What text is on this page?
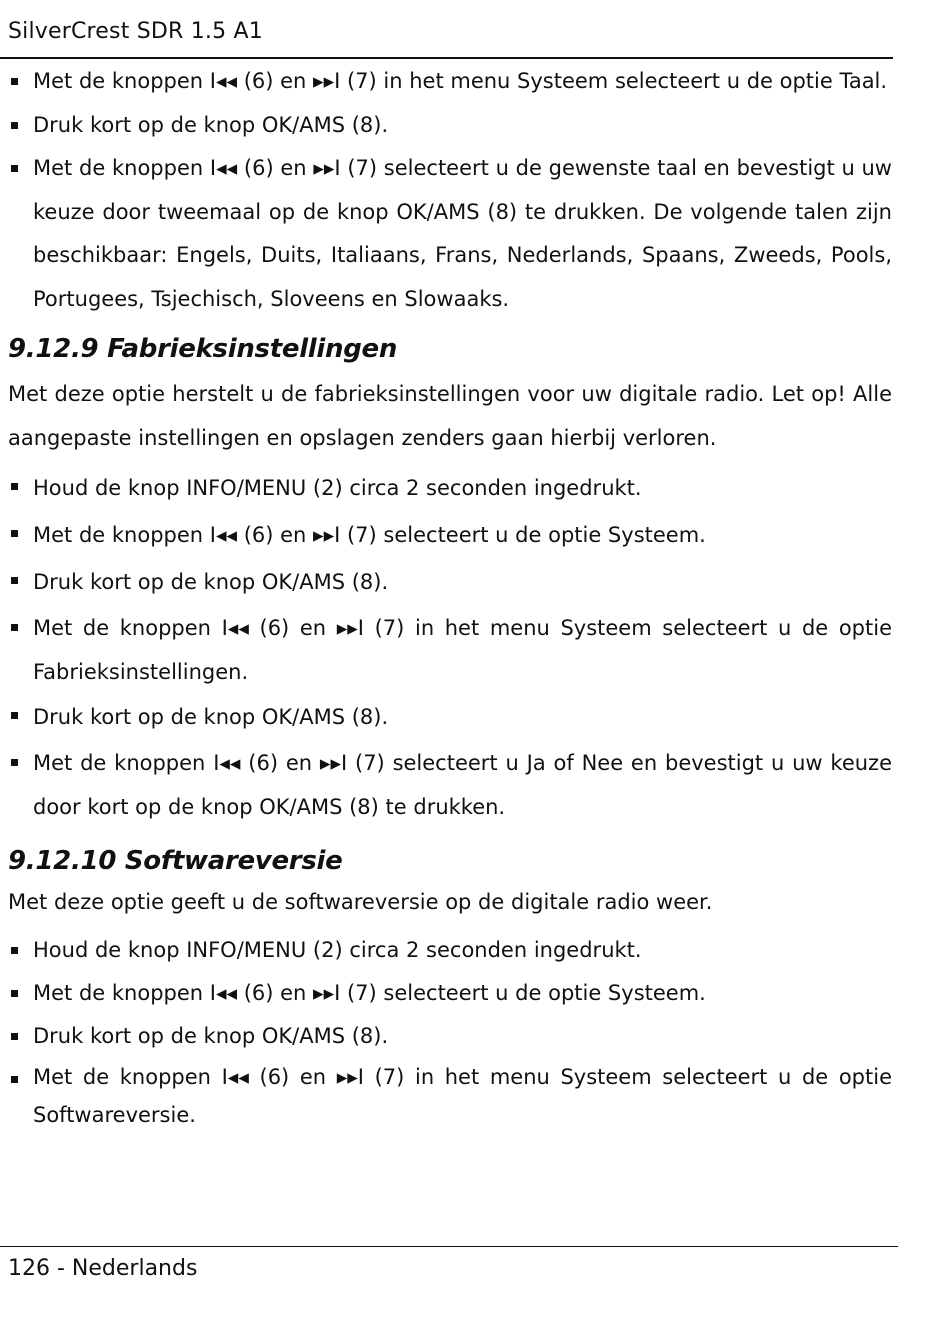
SilverCrest SDR 1.5 A1
Met de knoppen I◂◂ (6) en ▸▸I (7) in het menu Systeem selecteert u de optie Taal.
Druk kort op de knop OK/AMS (8).
Met de knoppen I◂◂ (6) en ▸▸I (7) selecteert u de gewenste taal en bevestigt u uw keuze door tweemaal op de knop OK/AMS (8) te drukken. De volgende talen zijn beschikbaar: Engels, Duits, Italiaans, Frans, Nederlands, Spaans, Zweeds, Pools, Portugees, Tsjechisch, Sloveens en Slowaaks.
9.12.9 Fabrieksinstellingen

Met deze optie herstelt u de fabrieksinstellingen voor uw digitale radio. Let op! Alle aangepaste instellingen en opslagen zenders gaan hierbij verloren.

Houd de knop INFO/MENU (2) circa 2 seconden ingedrukt.
Met de knoppen I◂◂ (6) en ▸▸I (7) selecteert u de optie Systeem.
Druk kort op de knop OK/AMS (8).
Met de knoppen I◂◂ (6) en ▸▸I (7) in het menu Systeem selecteert u de optie Fabrieksinstellingen.
Druk kort op de knop OK/AMS (8).
Met de knoppen I◂◂ (6) en ▸▸I (7) selecteert u Ja of Nee en bevestigt u uw keuze door kort op de knop OK/AMS (8) te drukken.
9.12.10 Softwareversie

Met deze optie geeft u de softwareversie op de digitale radio weer.

Houd de knop INFO/MENU (2) circa 2 seconden ingedrukt.
Met de knoppen I◂◂ (6) en ▸▸I (7) selecteert u de optie Systeem.
Druk kort op de knop OK/AMS (8).
Met de knoppen I◂◂ (6) en ▸▸I (7) in het menu Systeem selecteert u de optie Softwareversie.
126 - Nederlands
